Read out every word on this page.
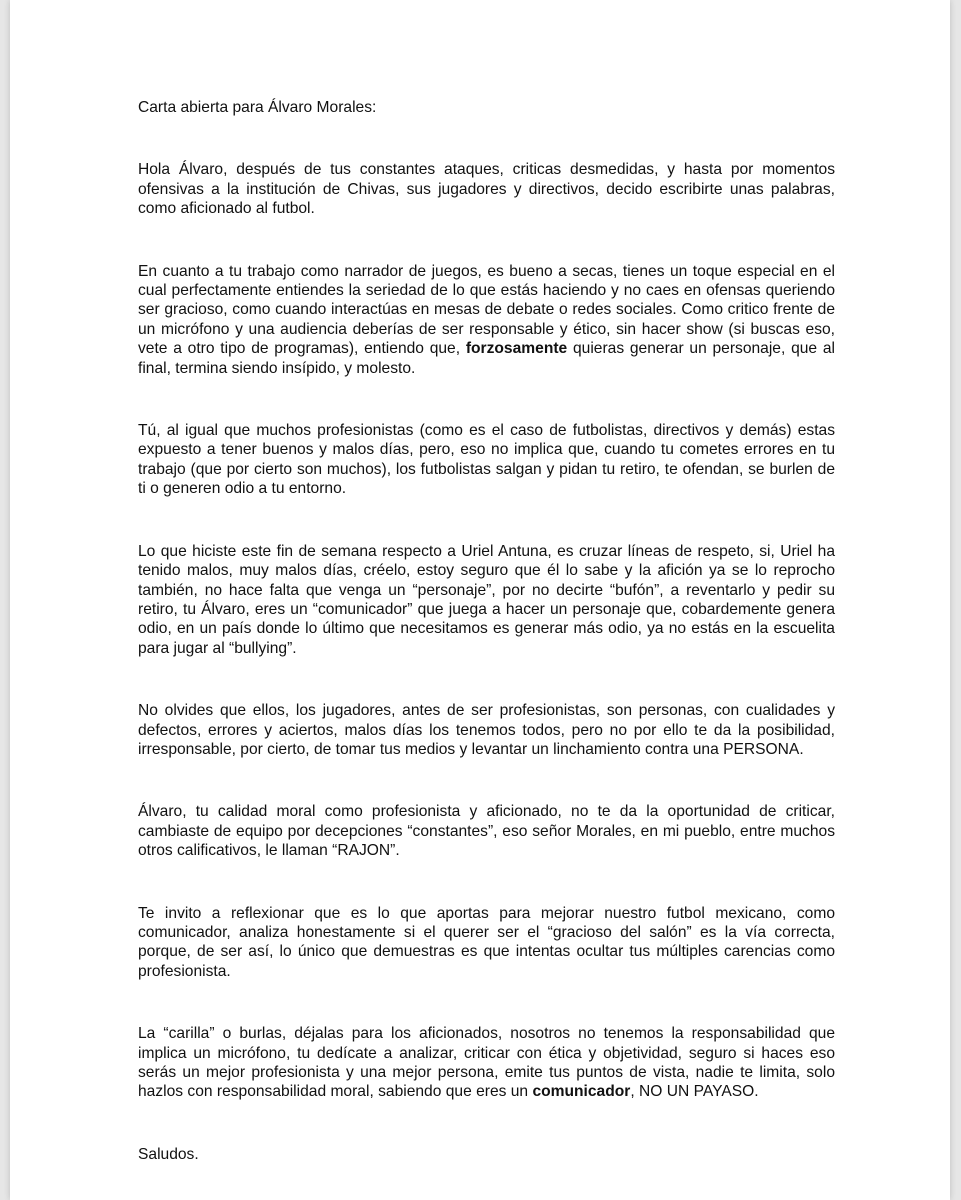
Carta abierta para Álvaro Morales:

Hola Álvaro, después de tus constantes ataques, criticas desmedidas, y hasta por momentos ofensivas a la institución de Chivas, sus jugadores y directivos, decido escribirte unas palabras, como aficionado al futbol.

En cuanto a tu trabajo como narrador de juegos, es bueno a secas, tienes un toque especial en el cual perfectamente entiendes la seriedad de lo que estás haciendo y no caes en ofensas queriendo ser gracioso, como cuando interactúas en mesas de debate o redes sociales. Como critico frente de un micrófono y una audiencia deberías de ser responsable y ético, sin hacer show (si buscas eso, vete a otro tipo de programas), entiendo que, forzosamente quieras generar un personaje, que al final, termina siendo insípido, y molesto.

Tú, al igual que muchos profesionistas (como es el caso de futbolistas, directivos y demás) estas expuesto a tener buenos y malos días, pero, eso no implica que, cuando tu cometes errores en tu trabajo (que por cierto son muchos), los futbolistas salgan y pidan tu retiro, te ofendan, se burlen de ti o generen odio a tu entorno.

Lo que hiciste este fin de semana respecto a Uriel Antuna, es cruzar líneas de respeto, si, Uriel ha tenido malos, muy malos días, créelo, estoy seguro que él lo sabe y la afición ya se lo reprocho también, no hace falta que venga un “personaje”, por no decirte “bufón”, a reventarlo y pedir su retiro, tu Álvaro, eres un “comunicador” que juega a hacer un personaje que, cobardemente genera odio, en un país donde lo último que necesitamos es generar más odio, ya no estás en la escuelita para jugar al “bullying”.

No olvides que ellos, los jugadores, antes de ser profesionistas, son personas, con cualidades y defectos, errores y aciertos, malos días los tenemos todos, pero no por ello te da la posibilidad, irresponsable, por cierto, de tomar tus medios y levantar un linchamiento contra una PERSONA.

Álvaro, tu calidad moral como profesionista y aficionado, no te da la oportunidad de criticar, cambiaste de equipo por decepciones “constantes”, eso señor Morales, en mi pueblo, entre muchos otros calificativos, le llaman “RAJON”.

Te invito a reflexionar que es lo que aportas para mejorar nuestro futbol mexicano, como comunicador, analiza honestamente si el querer ser el “gracioso del salón” es la vía correcta, porque, de ser así, lo único que demuestras es que intentas ocultar tus múltiples carencias como profesionista.

La “carilla” o burlas, déjalas para los aficionados, nosotros no tenemos la responsabilidad que implica un micrófono, tu dedícate a analizar, criticar con ética y objetividad, seguro si haces eso serás un mejor profesionista y una mejor persona, emite tus puntos de vista, nadie te limita, solo hazlos con responsabilidad moral, sabiendo que eres un comunicador, NO UN PAYASO.

Saludos.
